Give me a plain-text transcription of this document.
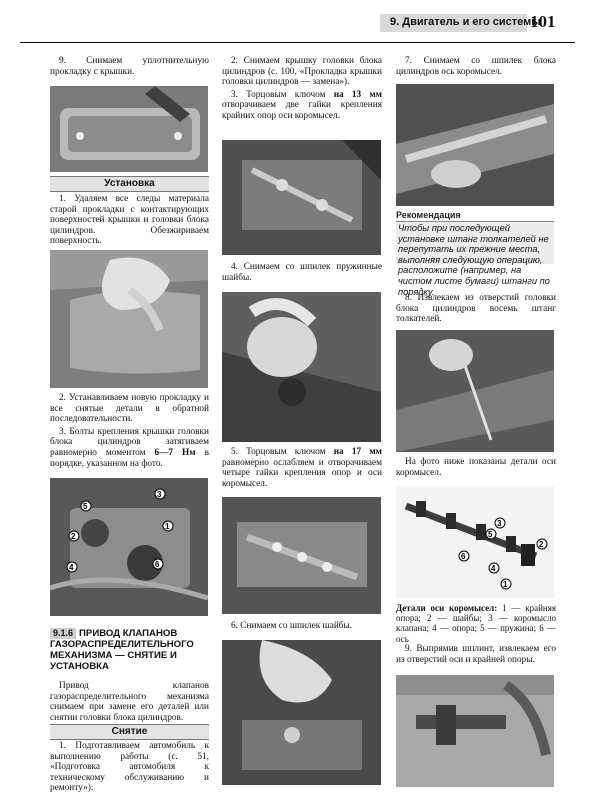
9. Двигатель и его системы
101

9. Снимаем уплотнительную прокладку с крышки.

Установка

1. Удаляем все следы материала старой прокладки с контактирующих поверхностей крышки и головки блока цилиндров. Обезжириваем поверхность.

2. Устанавливаем новую прокладку и все снятые детали в обратной последовательности.

3. Болты крепления крышки головки блока цилиндров затягиваем равномерно моментом 6—7 Нм в порядке, указанном на фото.

3
5
1
2
4	6
9.1.6 ПРИВОД КЛАПАНОВ ГАЗОРАСПРЕДЕЛИТЕЛЬНОГО МЕХАНИЗМА — СНЯТИЕ И УСТАНОВКА

Привод клапанов газораспределительного механизма снимаем при замене его деталей или снятии головки блока цилиндров.

Снятие

1. Подготавливаем автомобиль к выполнению работы (с. 51, «Подготовка автомобиля к техническому обслуживанию и ремонту»).

2. Снимаем крышку головки блока цилиндров (с. 100, «Прокладка крышки головки цилиндров — замена»).

3. Торцовым ключом на 13 мм отворачиваем две гайки крепления крайних опор оси коромысел.

4. Снимаем со шпилек пружинные шайбы.

5. Торцовым ключом на 17 мм равномерно ослабляем и отворачиваем четыре гайки крепления опор и оси коромысел.

6. Снимаем со шпилек шайбы.

7. Снимаем со шпилек блока цилиндров ось коромысел.

Рекомендация
Чтобы при последующей установке штанг толкателей не перепутать их прежние места, выполняя следующую операцию, расположите (например, на чистом листе бумаги) штанги по порядку.

8. Извлекаем из отверстий головки блока цилиндров восемь штанг толкателей.

На фото ниже показаны детали оси коромысел.

3
5
2
6
4
1
Детали оси коромысел: 1 — крайняя опора; 2 — шайбы; 3 — коромысло клапана; 4 — опора; 5 — пружина; 6 — ось

9. Выпрямив шплинт, извлекаем его из отверстий оси и крайней опоры.
